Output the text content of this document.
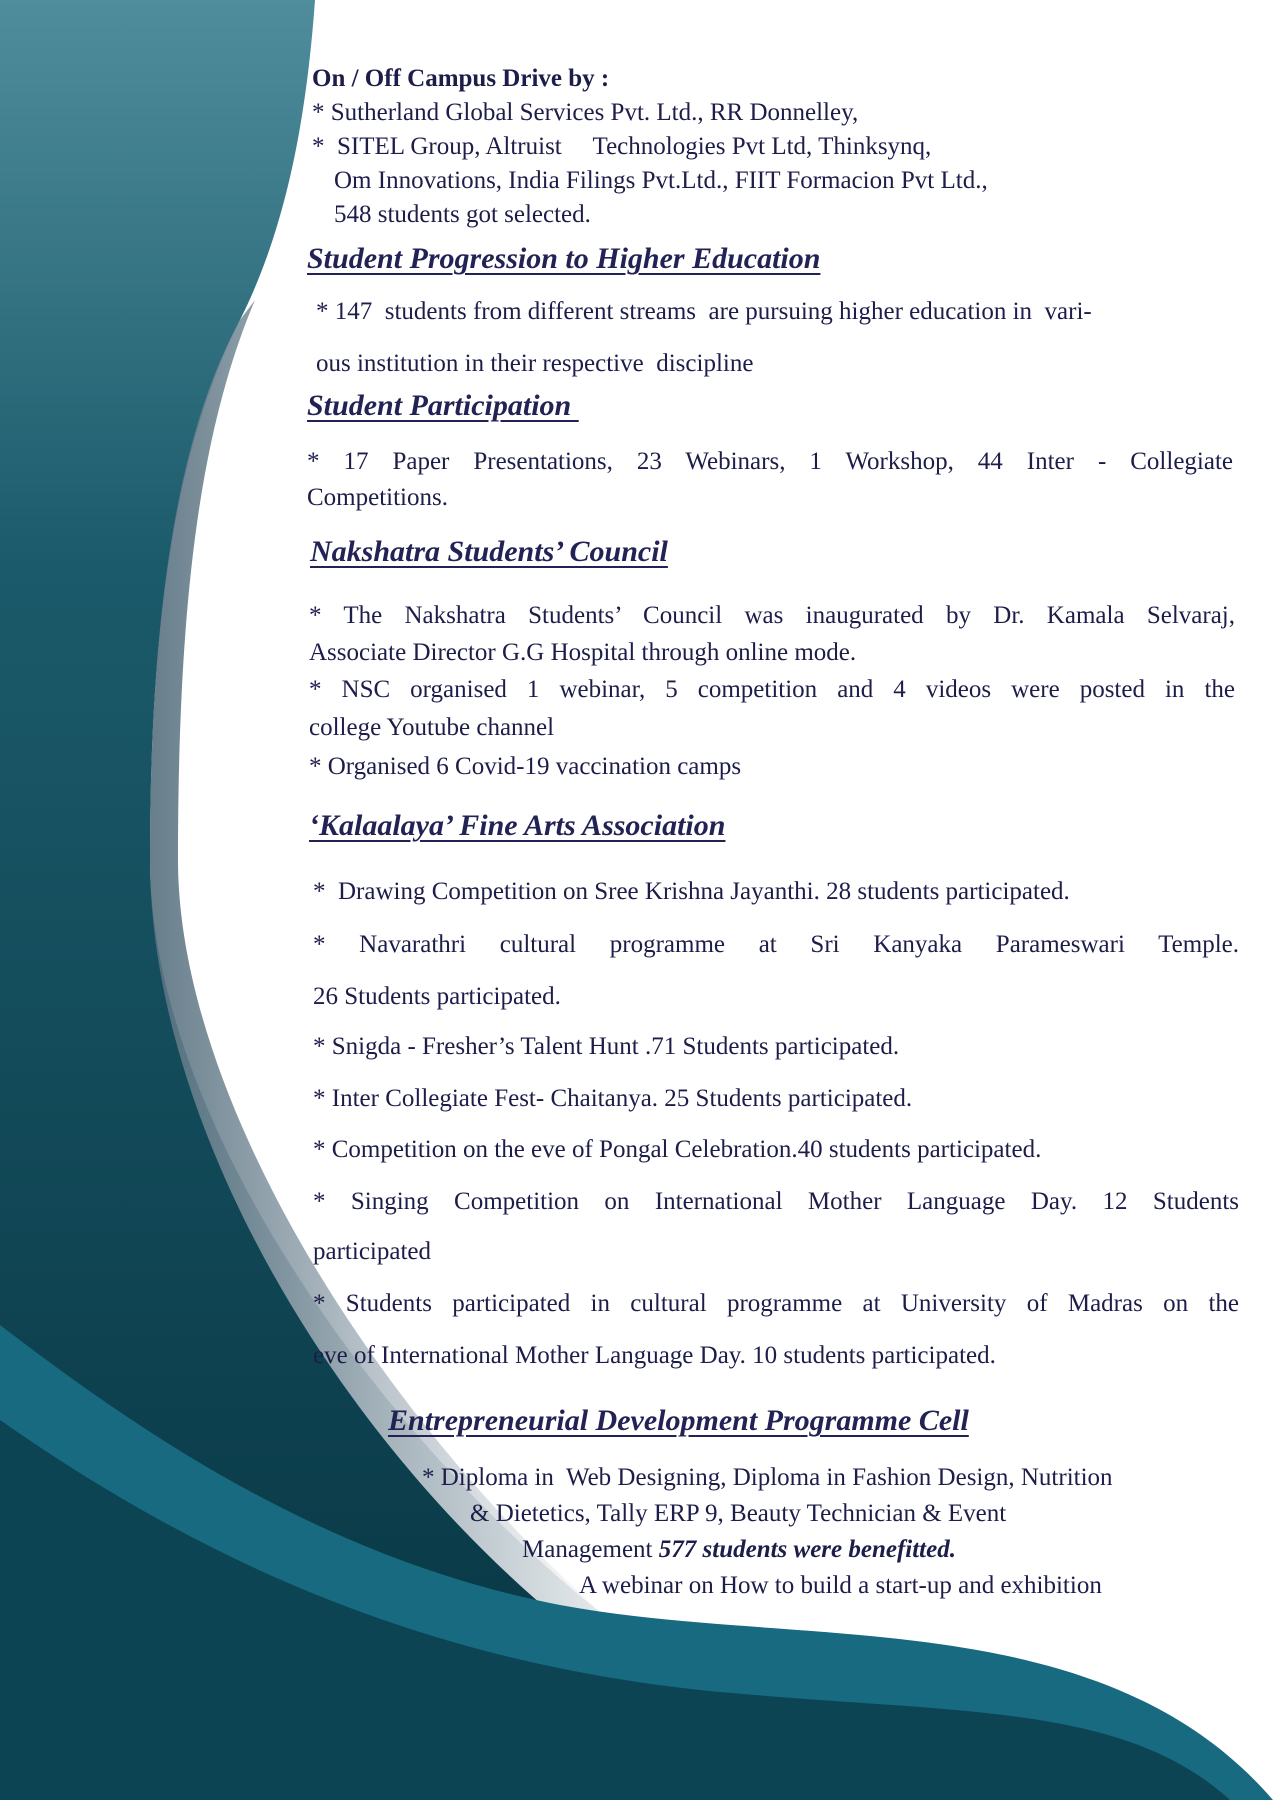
On / Off Campus Drive by :
* Sutherland Global Services Pvt. Ltd., RR Donnelley,
*  SITEL Group, Altruist     Technologies Pvt Ltd, Thinksynq,
Om Innovations, India Filings Pvt.Ltd., FIIT Formacion Pvt Ltd.,
548 students got selected.
Student Progression to Higher Education
* 147  students from different streams  are pursuing higher education in  vari-
ous institution in their respective  discipline
Student Participation
* 17 Paper Presentations, 23 Webinars, 1 Workshop, 44 Inter - Collegiate
Competitions.
Nakshatra Students’ Council
* The Nakshatra Students’ Council was inaugurated by Dr. Kamala Selvaraj,
Associate Director G.G Hospital through online mode.
* NSC organised 1 webinar, 5 competition and 4 videos were posted in the
college Youtube channel
* Organised 6 Covid-19 vaccination camps
‘Kalaalaya’ Fine Arts Association
*  Drawing Competition on Sree Krishna Jayanthi. 28 students participated.
* Navarathri cultural programme at Sri Kanyaka Parameswari Temple.
26 Students participated.
* Snigda - Fresher’s Talent Hunt .71 Students participated.
* Inter Collegiate Fest- Chaitanya. 25 Students participated.
* Competition on the eve of Pongal Celebration.40 students participated.
* Singing Competition on International Mother Language Day. 12 Students
participated
* Students participated in cultural programme at University of Madras on the
eve of International Mother Language Day. 10 students participated.
Entrepreneurial Development Programme Cell
* Diploma in  Web Designing, Diploma in Fashion Design, Nutrition
& Dietetics, Tally ERP 9, Beauty Technician & Event
Management 577 students were benefitted.
A webinar on How to build a start-up and exhibition
